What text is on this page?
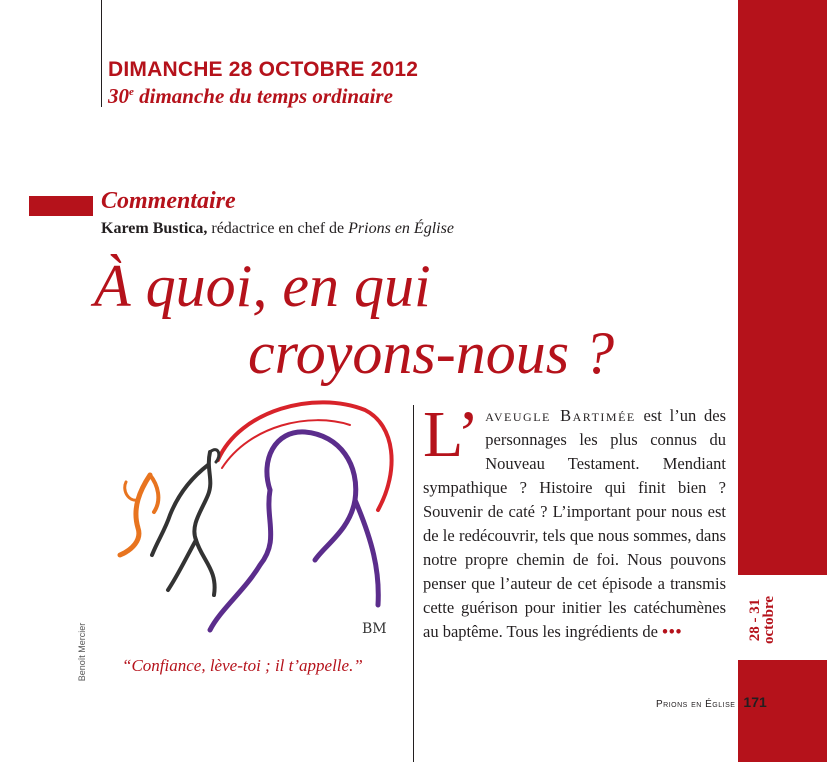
28 - 31
octobre
DIMANCHE 28 OCTOBRE 2012
30e dimanche du temps ordinaire
Commentaire
Karem Bustica, rédactrice en chef de Prions en Église
À quoi, en qui
croyons-nous ?
BM
“Confiance, lève-toi ; il t’appelle.”
Benoît Mercier
L’ aveugle Bartimée est l’un des personnages les plus connus du Nouveau Testament. Mendiant sympathique ? Histoire qui finit bien ? Souvenir de caté ? L’important pour nous est de le redécouvrir, tels que nous sommes, dans notre propre chemin de foi. Nous pouvons penser que l’auteur de cet épisode a transmis cette guérison pour initier les catéchumènes au baptême. Tous les ingrédients de •••
Prions en Église 171
